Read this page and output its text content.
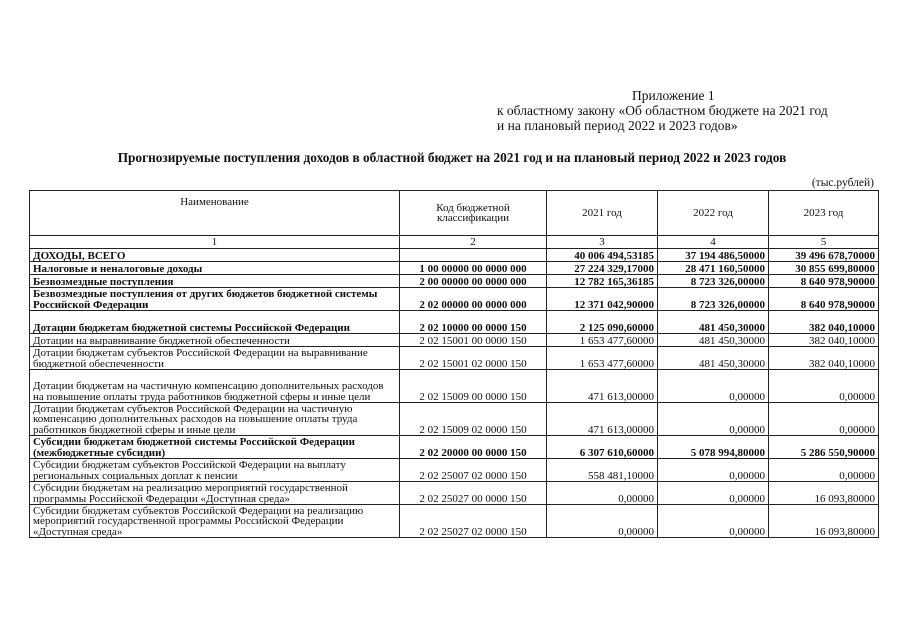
Приложение 1
к областному закону «Об областном бюджете на 2021 год
и на плановый период 2022 и 2023 годов»
Прогнозируемые поступления доходов в областной бюджет на 2021 год и на плановый период 2022 и 2023 годов
(тыс.рублей)
Наименование	Код бюджетной классификации	2021 год	2022 год	2023 год
1	2	3	4	5
ДОХОДЫ, ВСЕГО		40 006 494,53185	37 194 486,50000	39 496 678,70000
Налоговые и неналоговые доходы	1 00 00000 00 0000 000	27 224 329,17000	28 471 160,50000	30 855 699,80000
Безвозмездные поступления	2 00 00000 00 0000 000	12 782 165,36185	8 723 326,00000	8 640 978,90000
Безвозмездные поступления от других бюджетов бюджетной системы Российской Федерации	2 02 00000 00 0000 000	12 371 042,90000	8 723 326,00000	8 640 978,90000
Дотации бюджетам бюджетной системы Российской Федерации	2 02 10000 00 0000 150	2 125 090,60000	481 450,30000	382 040,10000
Дотации на выравнивание бюджетной обеспеченности	2 02 15001 00 0000 150	1 653 477,60000	481 450,30000	382 040,10000
Дотации бюджетам субъектов Российской Федерации на выравнивание бюджетной обеспеченности	2 02 15001 02 0000 150	1 653 477,60000	481 450,30000	382 040,10000
Дотации бюджетам на частичную компенсацию дополнительных расходов на повышение оплаты труда работников бюджетной сферы и иные цели	2 02 15009 00 0000 150	471 613,00000	0,00000	0,00000
Дотации бюджетам субъектов Российской Федерации на частичную компенсацию дополнительных расходов на повышение оплаты труда работников бюджетной сферы и иные цели	2 02 15009 02 0000 150	471 613,00000	0,00000	0,00000
Субсидии бюджетам бюджетной системы Российской Федерации (межбюджетные субсидии)	2 02 20000 00 0000 150	6 307 610,60000	5 078 994,80000	5 286 550,90000
Субсидии бюджетам субъектов Российской Федерации на выплату региональных социальных доплат к пенсии	2 02 25007 02 0000 150	558 481,10000	0,00000	0,00000
Субсидии бюджетам на реализацию мероприятий государственной программы Российской Федерации «Доступная среда»	2 02 25027 00 0000 150	0,00000	0,00000	16 093,80000
Субсидии бюджетам субъектов Российской Федерации на реализацию мероприятий государственной программы Российской Федерации «Доступная среда»	2 02 25027 02 0000 150	0,00000	0,00000	16 093,80000
